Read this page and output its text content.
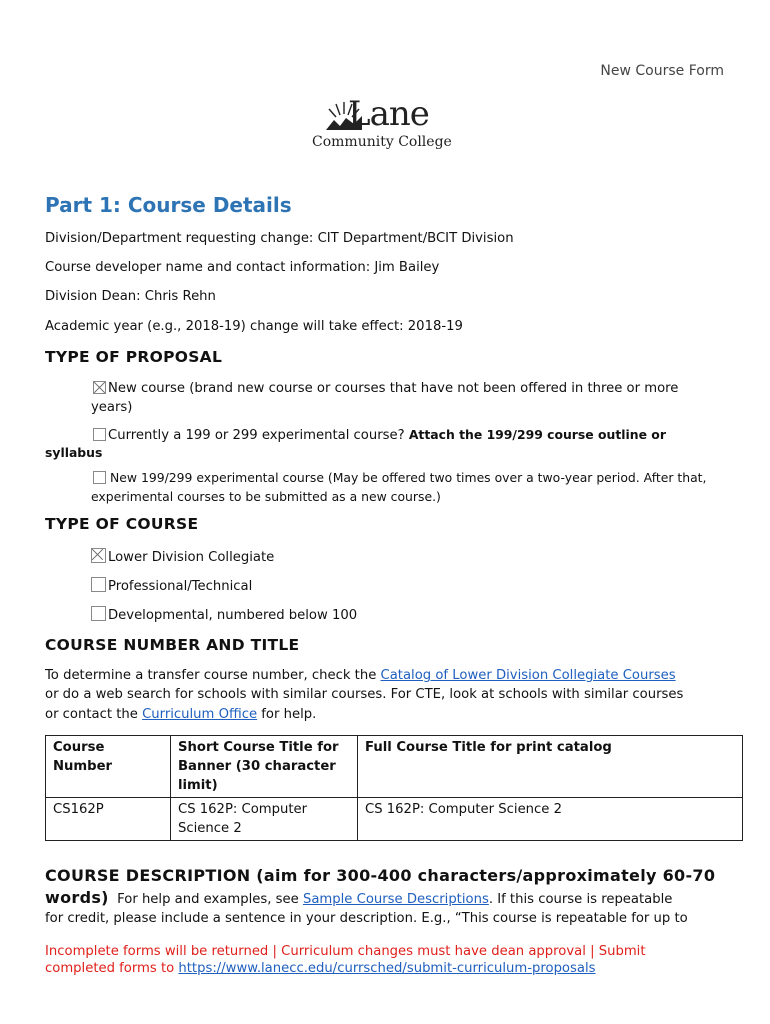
New Course Form
Lane
Community College
Part 1: Course Details
Division/Department requesting change: CIT Department/BCIT Division
Course developer name and contact information: Jim Bailey
Division Dean: Chris Rehn
Academic year (e.g., 2018-19) change will take effect: 2018-19
TYPE OF PROPOSAL
New course (brand new course or courses that have not been offered in three or more
years)
Currently a 199 or 299 experimental course? Attach the 199/299 course outline or
syllabus
New 199/299 experimental course (May be offered two times over a two-year period. After that,
experimental courses to be submitted as a new course.)
TYPE OF COURSE
Lower Division Collegiate
Professional/Technical
Developmental, numbered below 100
COURSE NUMBER AND TITLE
To determine a transfer course number, check the Catalog of Lower Division Collegiate Courses
or do a web search for schools with similar courses. For CTE, look at schools with similar courses
or contact the Curriculum Office for help.
Course
Number	Short Course Title for
Banner (30 character
limit)	Full Course Title for print catalog
CS162P	CS 162P: Computer
Science 2	CS 162P: Computer Science 2
COURSE DESCRIPTION (aim for 300-400 characters/approximately 60-70
words) For help and examples, see Sample Course Descriptions. If this course is repeatable
for credit, please include a sentence in your description. E.g., “This course is repeatable for up to
Incomplete forms will be returned | Curriculum changes must have dean approval | Submit
completed forms to https://www.lanecc.edu/currsched/submit-curriculum-proposals
